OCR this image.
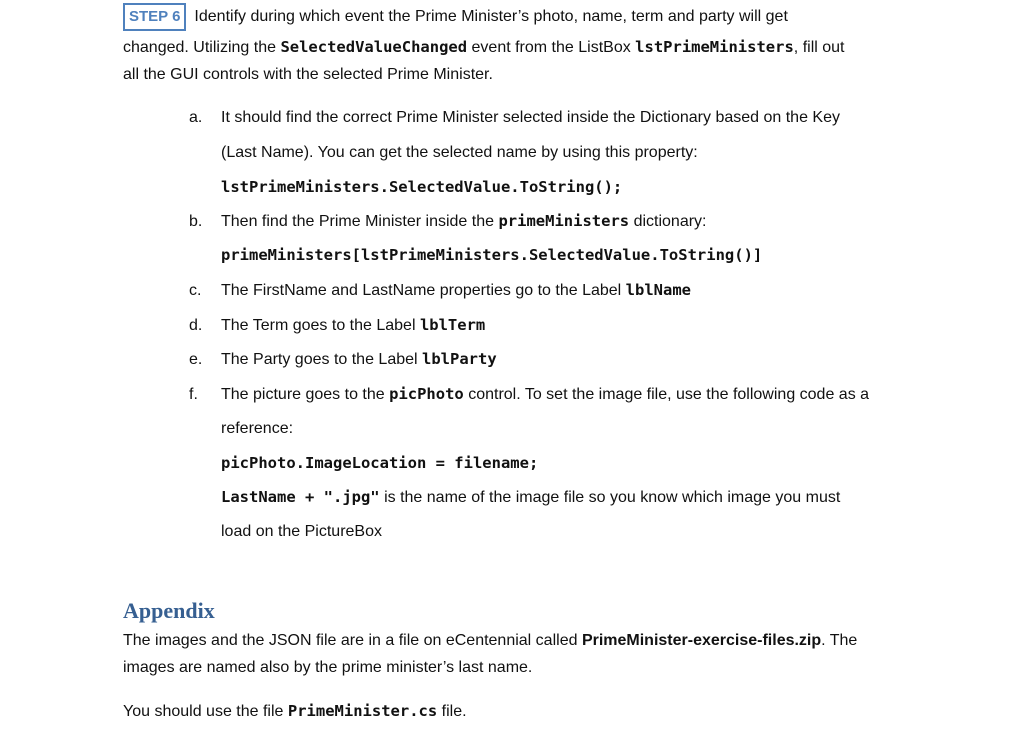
STEP 6 Identify during which event the Prime Minister’s photo, name, term and party will get
changed. Utilizing the SelectedValueChanged event from the ListBox lstPrimeMinisters, fill out
all the GUI controls with the selected Prime Minister.
a. It should find the correct Prime Minister selected inside the Dictionary based on the Key
(Last Name). You can get the selected name by using this property:
lstPrimeMinisters.SelectedValue.ToString();
b. Then find the Prime Minister inside the primeMinisters dictionary:
primeMinisters[lstPrimeMinisters.SelectedValue.ToString()]
c. The FirstName and LastName properties go to the Label lblName
d. The Term goes to the Label lblTerm
e. The Party goes to the Label lblParty
f. The picture goes to the picPhoto control. To set the image file, use the following code as a
reference:
picPhoto.ImageLocation = filename;
LastName + ".jpg" is the name of the image file so you know which image you must
load on the PictureBox
Appendix
The images and the JSON file are in a file on eCentennial called PrimeMinister-exercise-files.zip. The
images are named also by the prime minister’s last name.
You should use the file PrimeMinister.cs file.
